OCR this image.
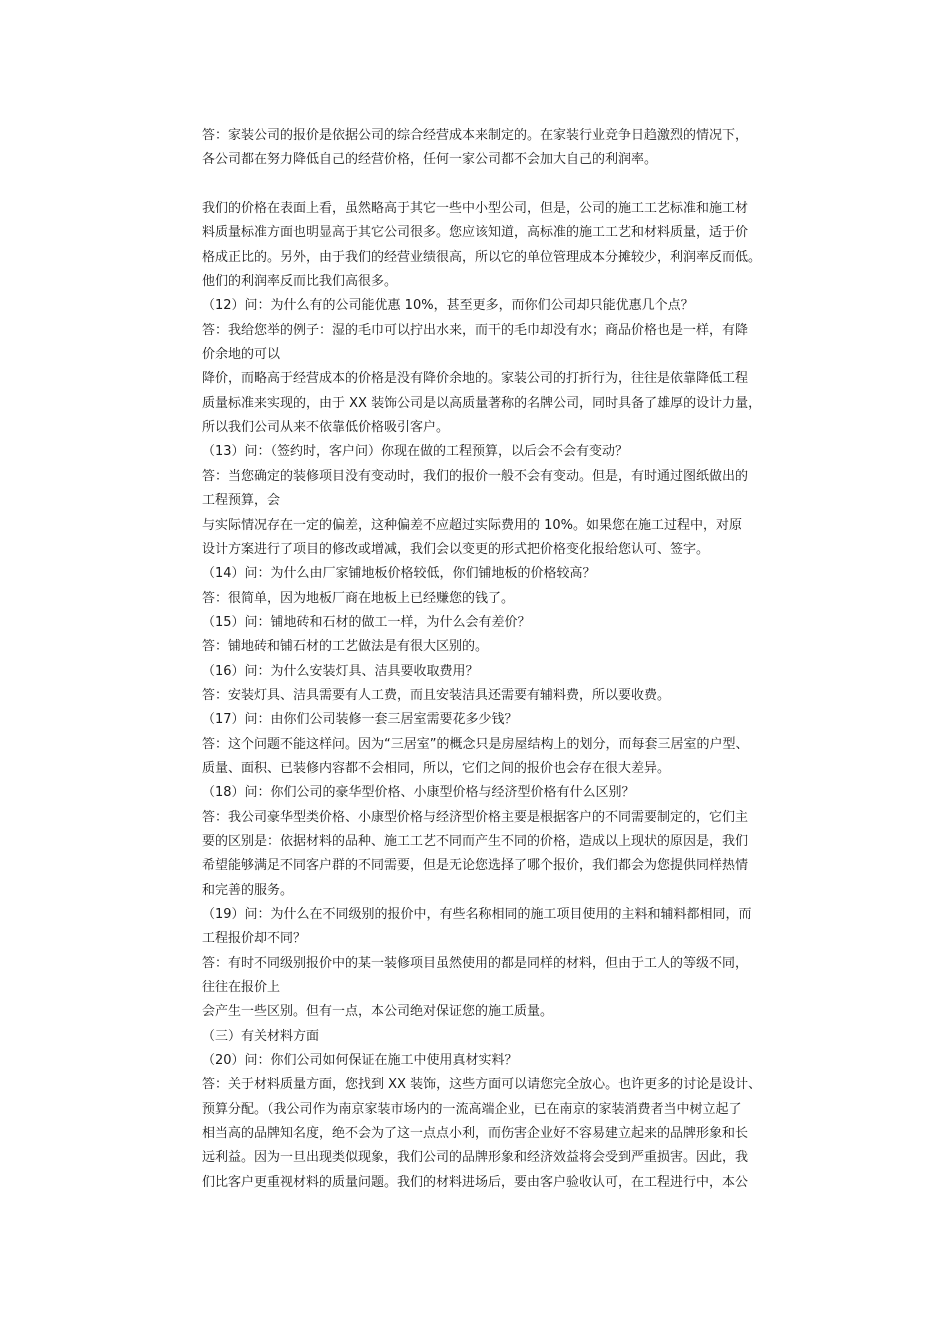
答：家装公司的报价是依据公司的综合经营成本来制定的。在家装行业竞争日趋激烈的情况下，
各公司都在努力降低自己的经营价格，任何一家公司都不会加大自己的利润率。
我们的价格在表面上看，虽然略高于其它一些中小型公司，但是，公司的施工工艺标准和施工材
料质量标准方面也明显高于其它公司很多。您应该知道，高标准的施工工艺和材料质量，适于价
格成正比的。另外，由于我们的经营业绩很高，所以它的单位管理成本分摊较少，利润率反而低。
他们的利润率反而比我们高很多。
（12）问：为什么有的公司能优惠 10%，甚至更多，而你们公司却只能优惠几个点？
答：我给您举的例子：湿的毛巾可以拧出水来，而干的毛巾却没有水；商品价格也是一样，有降
价余地的可以
降价，而略高于经营成本的价格是没有降价余地的。家装公司的打折行为，往往是依靠降低工程
质量标准来实现的，由于 XX 装饰公司是以高质量著称的名牌公司，同时具备了雄厚的设计力量，
所以我们公司从来不依靠低价格吸引客户。
（13）问：（签约时，客户问）你现在做的工程预算，以后会不会有变动？
答：当您确定的装修项目没有变动时，我们的报价一般不会有变动。但是，有时通过图纸做出的
工程预算，会
与实际情况存在一定的偏差，这种偏差不应超过实际费用的 10%。如果您在施工过程中，对原
设计方案进行了项目的修改或增减，我们会以变更的形式把价格变化报给您认可、签字。
（14）问：为什么由厂家铺地板价格较低，你们铺地板的价格较高？
答：很简单，因为地板厂商在地板上已经赚您的钱了。
（15）问：铺地砖和石材的做工一样，为什么会有差价？
答：铺地砖和铺石材的工艺做法是有很大区别的。
（16）问：为什么安装灯具、洁具要收取费用？
答：安装灯具、洁具需要有人工费，而且安装洁具还需要有辅料费，所以要收费。
（17）问：由你们公司装修一套三居室需要花多少钱？
答：这个问题不能这样问。因为“三居室”的概念只是房屋结构上的划分，而每套三居室的户型、
质量、面积、已装修内容都不会相同，所以，它们之间的报价也会存在很大差异。
（18）问：你们公司的豪华型价格、小康型价格与经济型价格有什么区别？
答：我公司豪华型类价格、小康型价格与经济型价格主要是根据客户的不同需要制定的，它们主
要的区别是：依据材料的品种、施工工艺不同而产生不同的价格，造成以上现状的原因是，我们
希望能够满足不同客户群的不同需要，但是无论您选择了哪个报价，我们都会为您提供同样热情
和完善的服务。
（19）问：为什么在不同级别的报价中，有些名称相同的施工项目使用的主料和辅料都相同，而
工程报价却不同？
答：有时不同级别报价中的某一装修项目虽然使用的都是同样的材料，但由于工人的等级不同，
往往在报价上
会产生一些区别。但有一点，本公司绝对保证您的施工质量。
（三）有关材料方面
（20）问：你们公司如何保证在施工中使用真材实料？
答：关于材料质量方面，您找到 XX 装饰，这些方面可以请您完全放心。也许更多的讨论是设计、
预算分配。（我公司作为南京家装市场内的一流高端企业，已在南京的家装消费者当中树立起了
相当高的品牌知名度，绝不会为了这一点点小利，而伤害企业好不容易建立起来的品牌形象和长
远利益。因为一旦出现类似现象，我们公司的品牌形象和经济效益将会受到严重损害。因此，我
们比客户更重视材料的质量问题。我们的材料进场后，要由客户验收认可，在工程进行中，本公
